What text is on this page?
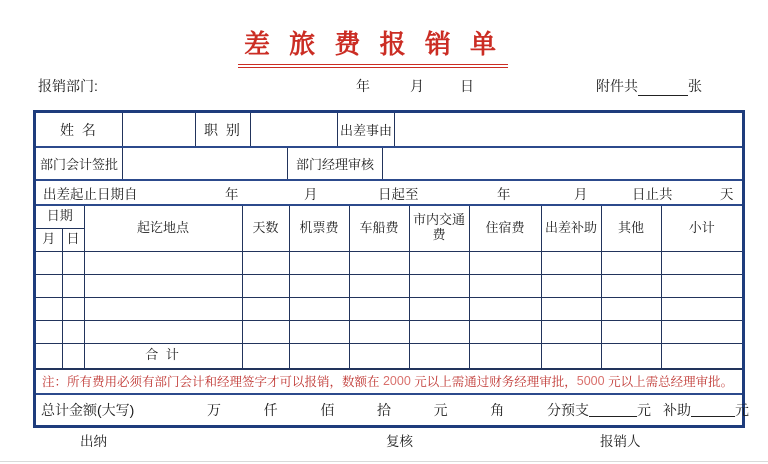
差 旅 费 报 销 单
报销部门:	年	月	日	附件共	张
姓 名	职 别	出差事由
部门会计签批	部门经理审核
出差起止日期自	年	月	日起至	年	月	日止共	天
日期		起讫地点	天数	机票费	车船费	市内交通费	住宿费	出差补助	其他	小计
月	日									

		合 计								
注：所有费用必须有部门会计和经理签字才可以报销，数额在 2000 元以上需通过财务经理审批， 5000 元以上需总经理审批。
总计金额(大写)	万	仟	佰	拾	元	角	分 预支	元 补助	元
出纳	复核	报销人
